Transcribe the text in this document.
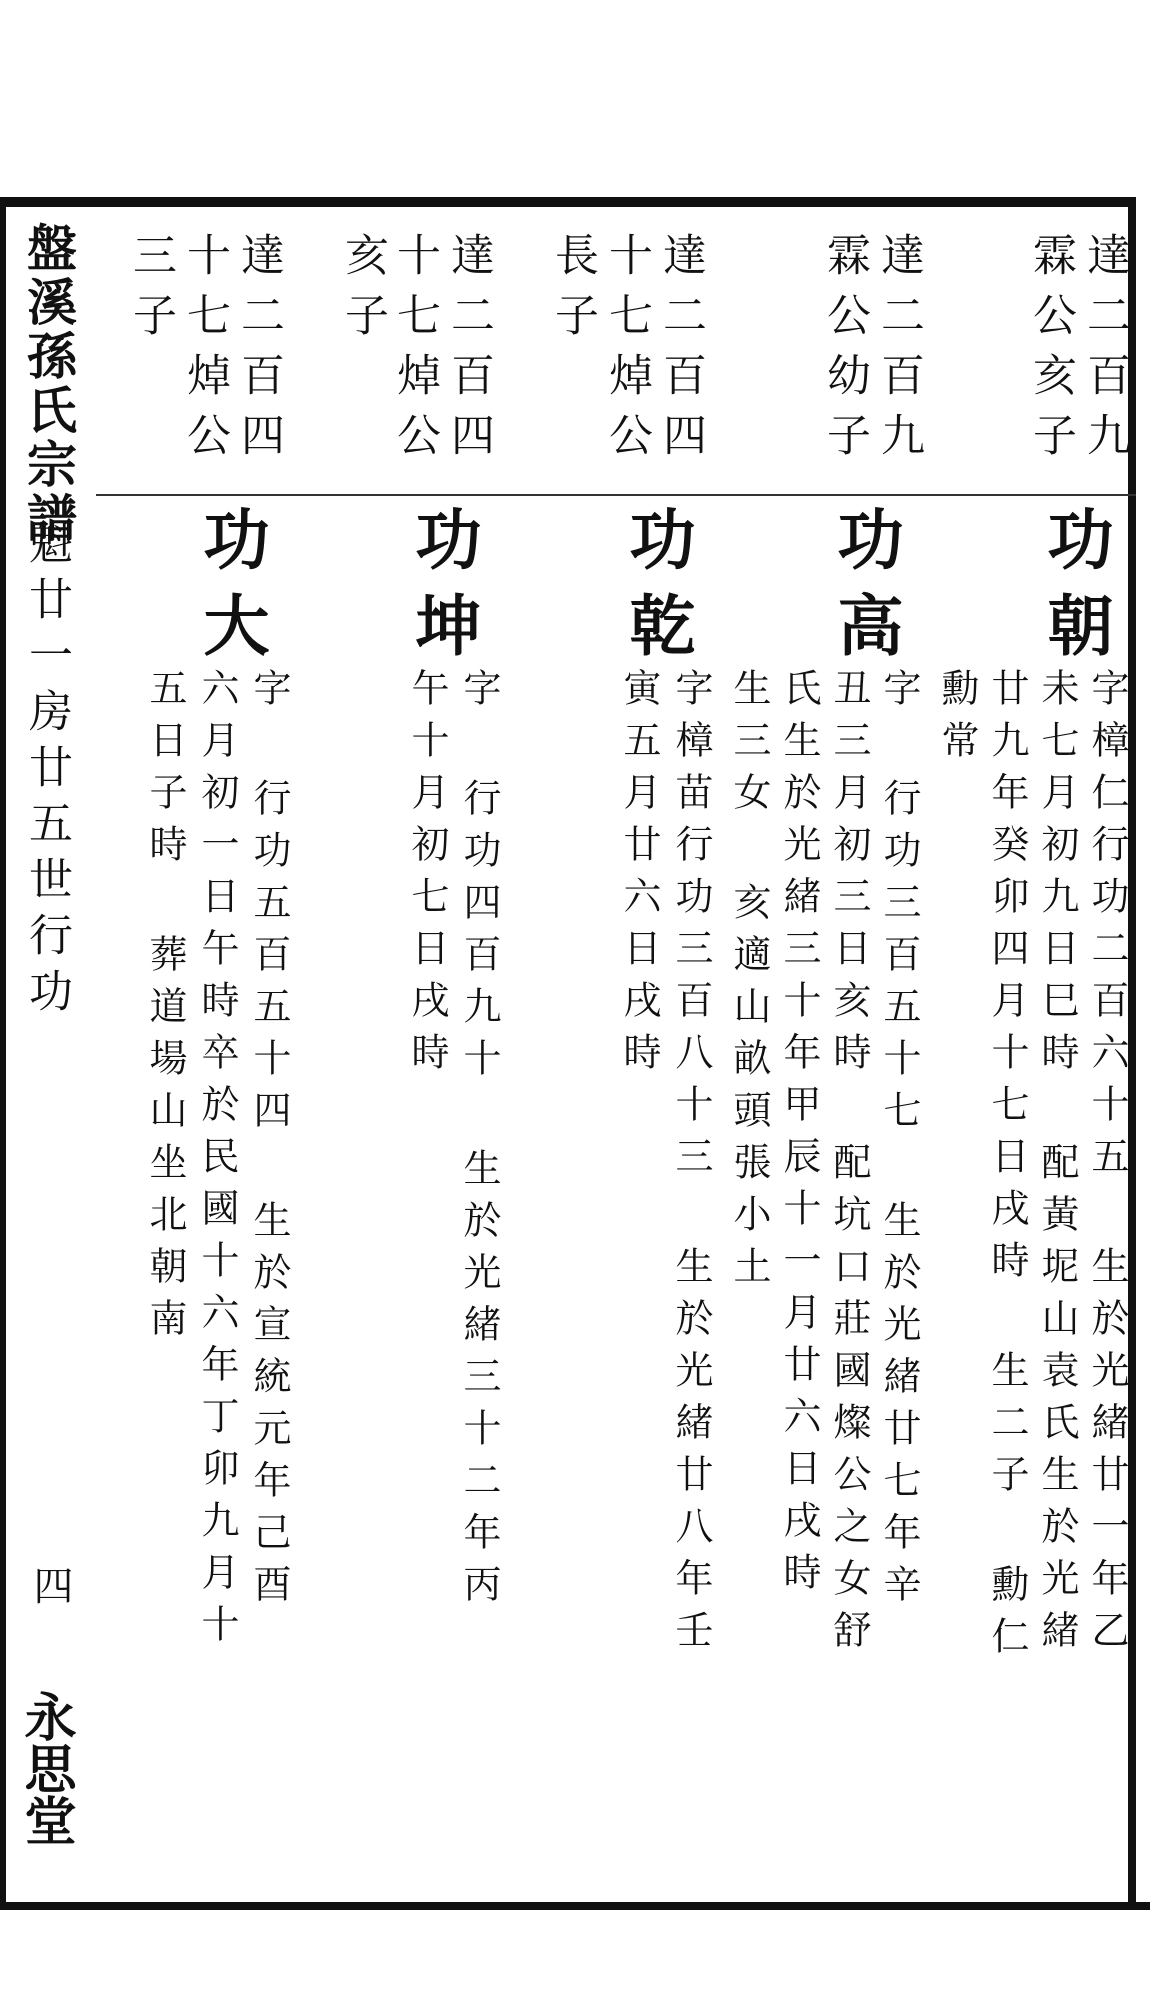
盤溪孫氏宗譜
魁廿一房廿五世行功
四
永思堂
達二百九
霖公亥子
功朝
字樟仁行功二百六十五 生於光緒廿一年乙
未七月初九日巳時 配黃坭山袁氏生於光緒
廿九年癸卯四月十七日戌時 生二子 勳仁
勳常
達二百九
霖公幼子
功高
字 行功三百五十七 生於光緒廿七年辛
丑三月初三日亥時 配坑口莊國燦公之女舒
氏生於光緒三十年甲辰十一月廿六日戌時
生三女 亥適山畝頭張小土
達二百四
十七焯公
長子
功乾
字樟苗行功三百八十三 生於光緒廿八年壬
寅五月廿六日戌時
達二百四
十七焯公
亥子
功坤
字 行功四百九十 生於光緒三十二年丙
午十月初七日戌時
達二百四
十七焯公
三子
功大
字 行功五百五十四 生於宣統元年己酉
六月初一日午時卒於民國十六年丁卯九月十
五日子時 葬道場山坐北朝南
